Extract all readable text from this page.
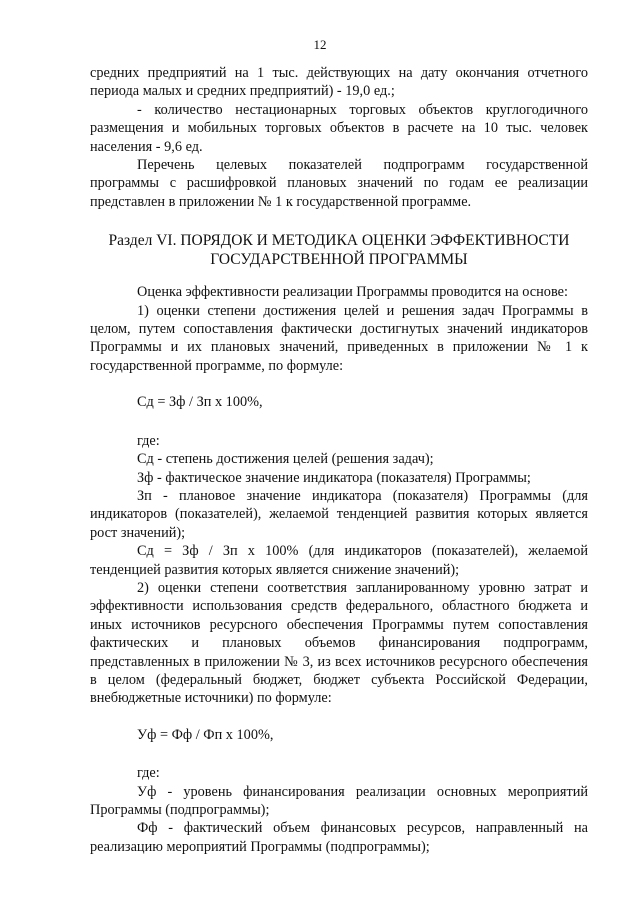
12

средних предприятий на 1 тыс. действующих на дату окончания отчетного периода малых и средних предприятий) - 19,0 ед.;

- количество нестационарных торговых объектов круглогодичного размещения и мобильных торговых объектов в расчете на 10 тыс. человек населения - 9,6 ед.

Перечень целевых показателей подпрограмм государственной программы с расшифровкой плановых значений по годам ее реализации представлен в приложении № 1 к государственной программе.

Раздел VI. ПОРЯДОК И МЕТОДИКА ОЦЕНКИ ЭФФЕКТИВНОСТИ
ГОСУДАРСТВЕННОЙ ПРОГРАММЫ

Оценка эффективности реализации Программы проводится на основе:

1) оценки степени достижения целей и решения задач Программы в целом, путем сопоставления фактически достигнутых значений индикаторов Программы и их плановых значений, приведенных в приложении № 1 к государственной программе, по формуле:

Сд = Зф / Зп x 100%,

где:

Сд - степень достижения целей (решения задач);

Зф - фактическое значение индикатора (показателя) Программы;

Зп - плановое значение индикатора (показателя) Программы (для индикаторов (показателей), желаемой тенденцией развития которых является рост значений);

Сд = Зф / Зп x 100% (для индикаторов (показателей), желаемой тенденцией развития которых является снижение значений);

2) оценки степени соответствия запланированному уровню затрат и эффективности использования средств федерального, областного бюджета и иных источников ресурсного обеспечения Программы путем сопоставления фактических и плановых объемов финансирования подпрограмм, представленных в приложении № 3, из всех источников ресурсного обеспечения в целом (федеральный бюджет, бюджет субъекта Российской Федерации, внебюджетные источники) по формуле:

Уф = Фф / Фп x 100%,

где:

Уф - уровень финансирования реализации основных мероприятий Программы (подпрограммы);

Фф - фактический объем финансовых ресурсов, направленный на реализацию мероприятий Программы (подпрограммы);
